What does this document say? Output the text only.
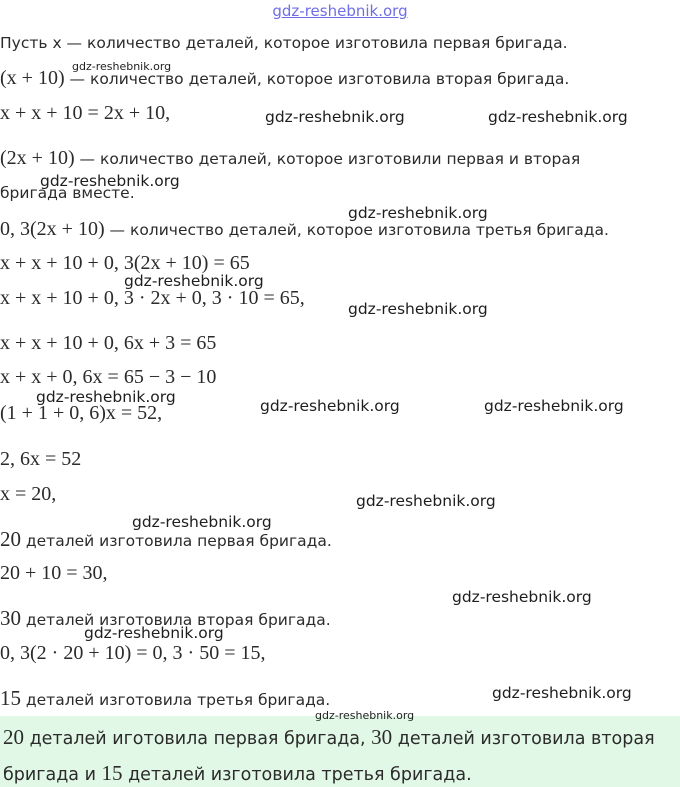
gdz-reshebnik.org
Пусть x — количество деталей, которое изготовила первая бригада.
(x + 10) — количество деталей, которое изготовила вторая бригада.
x + x + 10 = 2x + 10,
(2x + 10) — количество деталей, которое изготовили первая и вторая
бригада вместе.
0, 3(2x + 10) — количество деталей, которое изготовила третья бригада.
x + x + 10 + 0, 3(2x + 10) = 65
x + x + 10 + 0, 3 · 2x + 0, 3 · 10 = 65,
x + x + 10 + 0, 6x + 3 = 65
x + x + 0, 6x = 65 − 3 − 10
(1 + 1 + 0, 6)x = 52,
2, 6x = 52
x = 20,
20 деталей изготовила первая бригада.
20 + 10 = 30,
30 деталей изготовила вторая бригада.
0, 3(2 · 20 + 10) = 0, 3 · 50 = 15,
15 деталей изготовила третья бригада.
20 деталей иготовила первая бригада, 30 деталей изготовила вторая
бригада и 15 деталей изготовила третья бригада.
gdz-reshebnik.org
gdz-reshebnik.org	gdz-reshebnik.org
gdz-reshebnik.org
gdz-reshebnik.org
gdz-reshebnik.org
gdz-reshebnik.org
gdz-reshebnik.org	gdz-reshebnik.org	gdz-reshebnik.org
gdz-reshebnik.org
gdz-reshebnik.org
gdz-reshebnik.org
gdz-reshebnik.org
gdz-reshebnik.org
gdz-reshebnik.org
